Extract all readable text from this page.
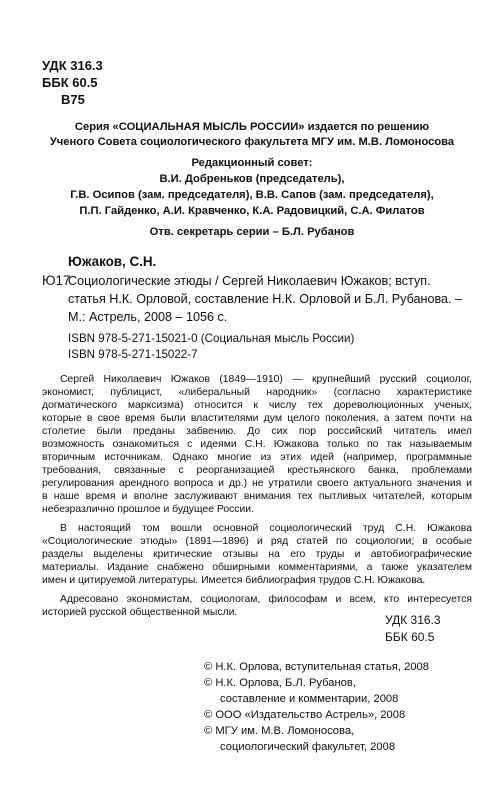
УДК 316.3
ББК 60.5
В75
Серия «СОЦИАЛЬНАЯ МЫСЛЬ РОССИИ» издается по решению
Ученого Совета социологического факультета МГУ им. М.В. Ломоносова
Редакционный совет:
В.И. Добреньков (председатель),
Г.В. Осипов (зам. председателя), В.В. Сапов (зам. председателя),
П.П. Гайденко, А.И. Кравченко, К.А. Радовицкий, С.А. Филатов
Отв. секретарь серии – Б.Л. Рубанов
Южаков, С.Н.
Ю17
Социологические этюды / Сергей Николаевич Южаков; вступ.
статья Н.К. Орловой, составление Н.К. Орловой и Б.Л. Рубанова. –
М.: Астрель, 2008 – 1056 с.
ISBN 978-5-271-15021-0 (Социальная мысль России)
ISBN 978-5-271-15022-7
Сергей Николаевич Южаков (1849—1910) — крупнейший русский социолог,
экономист, публицист, «либеральный народник» (согласно характеристике
догматического марксизма) относится к числу тех дореволюционных ученых,
которые в свое время были властителями дум целого поколения, а затем почти на
столетие были преданы забвению. До сих пор российский читатель имел
возможность ознакомиться с идеями С.Н. Южакова только по так называемым
вторичным источникам. Однако многие из этих идей (например, программные
требования, связанные с реорганизацией крестьянского банка, проблемами
регулирования арендного вопроса и др.) не утратили своего актуального значения и
в наше время и вполне заслуживают внимания тех пытливых читателей, которым
небезразлично прошлое и будущее России.
В настоящий том вошли основной социологический труд С.Н. Южакова
«Социологические этюды» (1891—1896) и ряд статей по социологии; в особые
разделы выделены критические отзывы на его труды и автобиографические
материалы. Издание снабжено обширными комментариями, а также указателем
имен и цитируемой литературы. Имеется библиография трудов С.Н. Южакова.
Адресовано экономистам, социологам, философам и всем, кто интересуется
историей русской общественной мысли.
УДК 316.3
ББК 60.5
© Н.К. Орлова, вступительная статья, 2008
© Н.К. Орлова, Б.Л. Рубанов,
составление и комментарии, 2008
© ООО «Издательство Астрель», 2008
© МГУ им. М.В. Ломоносова,
социологический факультет, 2008
